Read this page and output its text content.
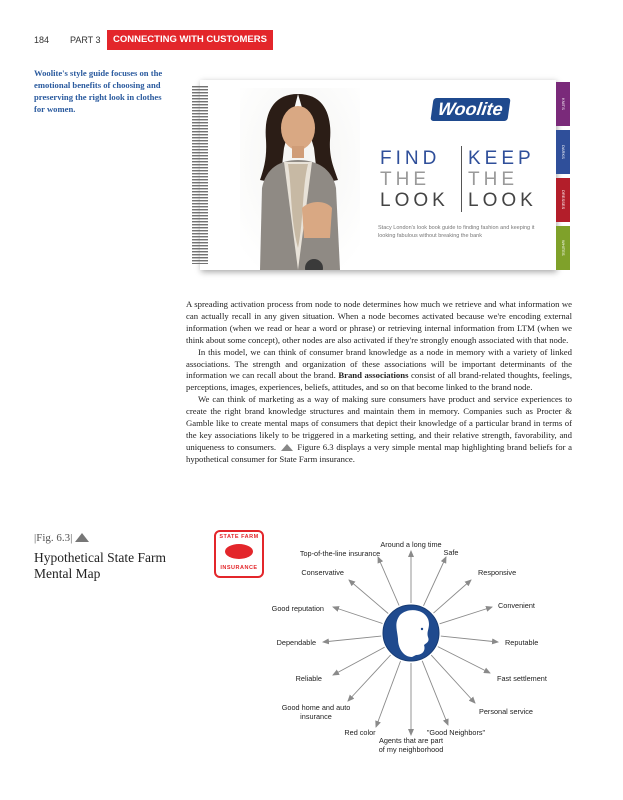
184 PART 3	CONNECTING WITH CUSTOMERS
Woolite's style guide focuses on the emotional benefits of choosing and preserving the right look in clothes for women.	Woolite
FIND
THE
LOOK
KEEP
THE
LOOK
Stacy London's look book guide to finding fashion and keeping it looking fabulous without breaking the bank
KNITS
DARKS
DRESSES
WHITES

A spreading activation process from node to node determines how much we retrieve and what information we can actually recall in any given situation. When a node becomes activated because we're encoding external information (when we read or hear a word or phrase) or retrieving internal information from LTM (when we think about some concept), other nodes are also activated if they're strongly enough associated with that node.

In this model, we can think of consumer brand knowledge as a node in memory with a variety of linked associations. The strength and organization of these associations will be important determinants of the information we can recall about the brand. Brand associations consist of all brand-related thoughts, feelings, perceptions, images, experiences, beliefs, attitudes, and so on that become linked to the brand node.

We can think of marketing as a way of making sure consumers have product and service experiences to create the right brand knowledge structures and maintain them in memory. Companies such as Procter & Gamble like to create mental maps of consumers that depict their knowledge of a particular brand in terms of the key associations likely to be triggered in a marketing setting, and their relative strength, favorability, and uniqueness to consumers. Figure 6.3 displays a very simple mental map highlighting brand beliefs for a hypothetical consumer for State Farm insurance.

|Fig. 6.3|
Hypothetical State Farm Mental Map
STATE FARM
INSURANCE
Around a long time
Safe
Responsive
Convenient
Reputable
Fast settlement
Personal service
"Good Neighbors"
Agents that are part of my neighborhood
Red color
Good home and auto insurance
Reliable
Dependable
Good reputation
Conservative
Top-of-the-line insurance
